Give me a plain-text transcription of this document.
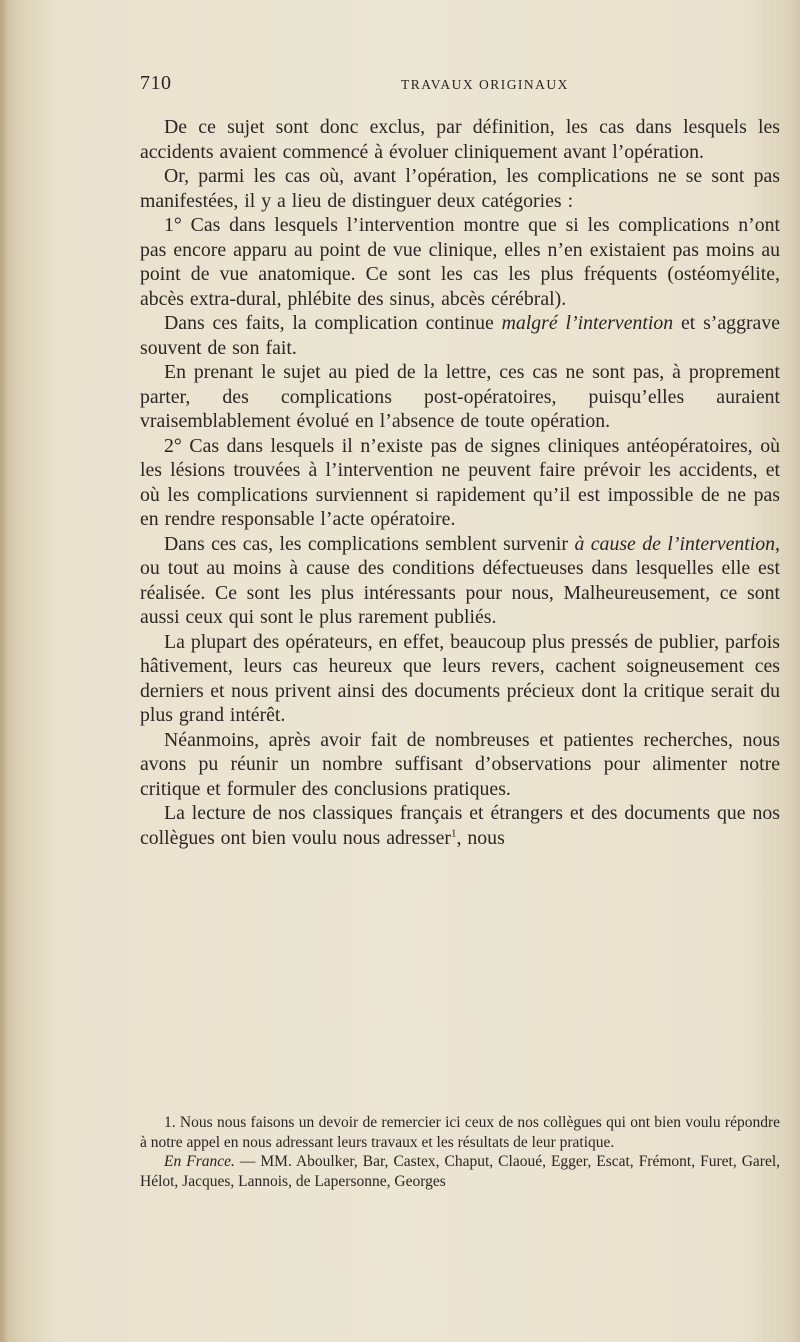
710	TRAVAUX ORIGINAUX

De ce sujet sont donc exclus, par définition, les cas dans lesquels les accidents avaient commencé à évoluer cliniquement avant l’opération.

Or, parmi les cas où, avant l’opération, les complications ne se sont pas manifestées, il y a lieu de distinguer deux catégories :

1° Cas dans lesquels l’intervention montre que si les complications n’ont pas encore apparu au point de vue clinique, elles n’en existaient pas moins au point de vue anatomique. Ce sont les cas les plus fréquents (ostéomyélite, abcès extra-dural, phlébite des sinus, abcès cérébral).

Dans ces faits, la complication continue malgré l’intervention et s’aggrave souvent de son fait.

En prenant le sujet au pied de la lettre, ces cas ne sont pas, à proprement parter, des complications post-opératoires, puisqu’elles auraient vraisemblablement évolué en l’absence de toute opération.

2° Cas dans lesquels il n’existe pas de signes cliniques antéopératoires, où les lésions trouvées à l’intervention ne peuvent faire prévoir les accidents, et où les complications surviennent si rapidement qu’il est impossible de ne pas en rendre responsable l’acte opératoire.

Dans ces cas, les complications semblent survenir à cause de l’intervention, ou tout au moins à cause des conditions défectueuses dans lesquelles elle est réalisée. Ce sont les plus intéressants pour nous, Malheureusement, ce sont aussi ceux qui sont le plus rarement publiés.

La plupart des opérateurs, en effet, beaucoup plus pressés de publier, parfois hâtivement, leurs cas heureux que leurs revers, cachent soigneusement ces derniers et nous privent ainsi des documents précieux dont la critique serait du plus grand intérêt.

Néanmoins, après avoir fait de nombreuses et patientes recherches, nous avons pu réunir un nombre suffisant d’observations pour alimenter notre critique et formuler des conclusions pratiques.

La lecture de nos classiques français et étrangers et des documents que nos collègues ont bien voulu nous adresser$^1$, nous

1. Nous nous faisons un devoir de remercier ici ceux de nos collègues qui ont bien voulu répondre à notre appel en nous adressant leurs travaux et les résultats de leur pratique.

En France. — MM. Aboulker, Bar, Castex, Chaput, Claoué, Egger, Escat, Frémont, Furet, Garel, Hélot, Jacques, Lannois, de Lapersonne, Georges
